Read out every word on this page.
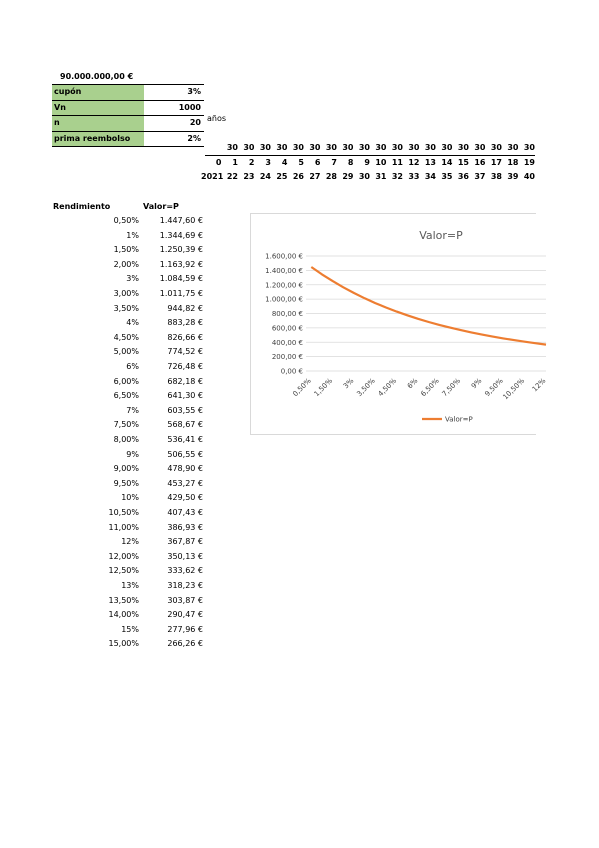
90.000.000,00 €
cupón	3%
Vn	1000
n	20
prima reembolso	2%
años
30 30 30 30 30 30 30 30 30 30 30 30 30 30 30 30 30 30 30
0	1	2	3	4	5	6	7	8	9 10 11 12 13 14 15 16 17 18 19
2021 22 23 24 25 26 27 28 29 30 31 32 33 34 35 36 37 38 39 40
Rendimiento	Valor=P
0,50%	1.447,60 €
1%	1.344,69 €
1,50%	1.250,39 €
2,00%	1.163,92 €
3%	1.084,59 €
3,00%	1.011,75 €
3,50%	944,82 €
4%	883,28 €
4,50%	826,66 €
5,00%	774,52 €
6%	726,48 €
6,00%	682,18 €
6,50%	641,30 €
7%	603,55 €
7,50%	568,67 €
8,00%	536,41 €
9%	506,55 €
9,00%	478,90 €
9,50%	453,27 €
10%	429,50 €
10,50%	407,43 €
11,00%	386,93 €
12%	367,87 €
12,00%	350,13 €
12,50%	333,62 €
13%	318,23 €
13,50%	303,87 €
14,00%	290,47 €
15%	277,96 €
15,00%	266,26 €
Valor=P
0,00 €
200,00 €
400,00 €
600,00 €
800,00 €
1.000,00 €
1.200,00 €
1.400,00 €
1.600,00 €
0,50% 1,50% 3% 3,50% 4,50% 6% 6,50% 7,50% 9% 9,50%
10,50% 12%
Valor=P
